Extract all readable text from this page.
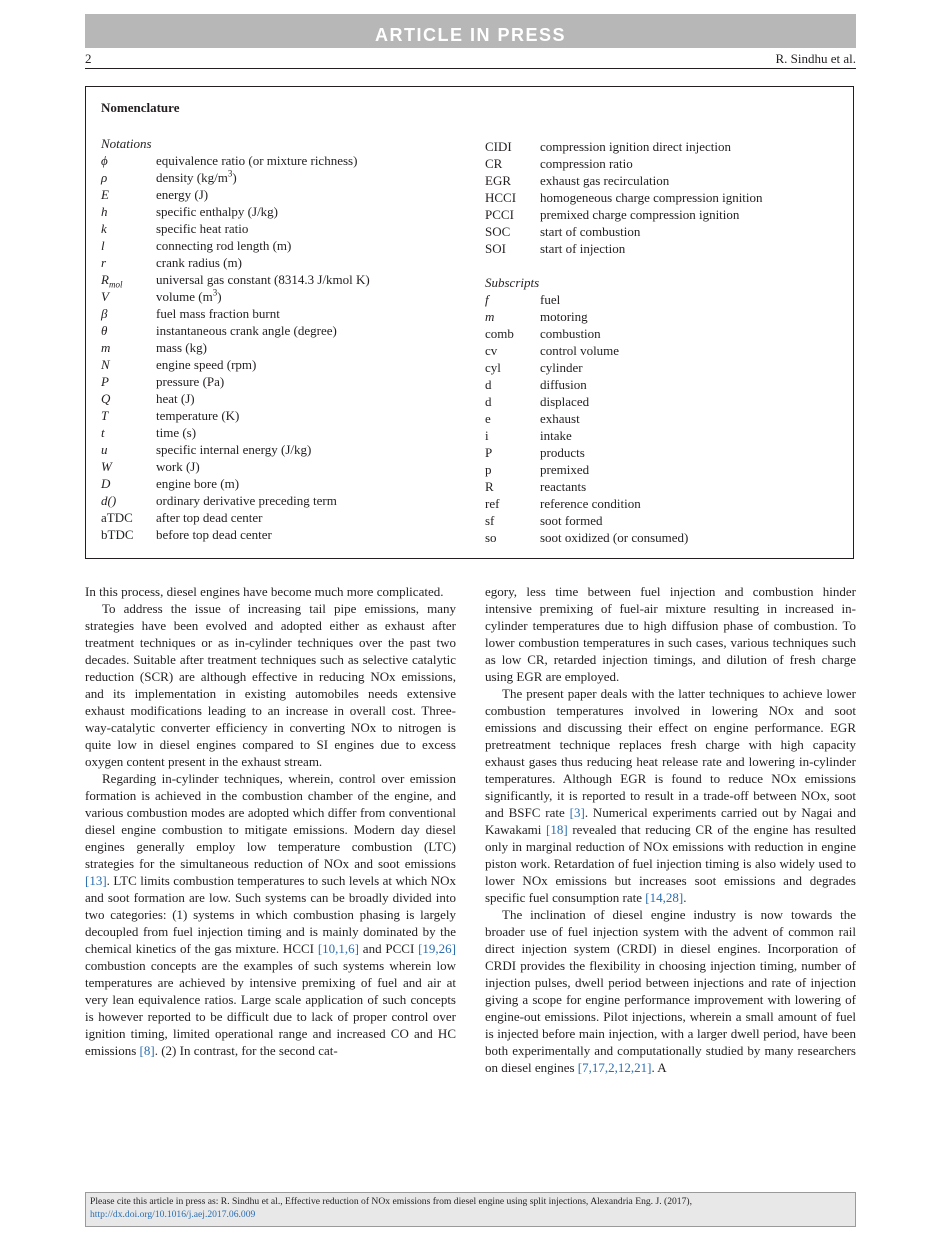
ARTICLE IN PRESS
2	R. Sindhu et al.
Nomenclature
Notations
ϕ	equivalence ratio (or mixture richness)
ρ	density $(kg/m^3)$
E	energy (J)
h	specific enthalpy (J/kg)
k	specific heat ratio
l	connecting rod length (m)
r	crank radius (m)
$R_{mol}$	universal gas constant (8314.3 J/kmol K)
V	volume $(m^3)$
β	fuel mass fraction burnt
θ	instantaneous crank angle (degree)
m	mass (kg)
N	engine speed (rpm)
P	pressure (Pa)
Q	heat (J)
T	temperature (K)
t	time (s)
u	specific internal energy (J/kg)
W	work (J)
D	engine bore (m)
d()	ordinary derivative preceding term
aTDC after top dead center
bTDC before top dead center
CIDI compression ignition direct injection
CR	compression ratio
EGR exhaust gas recirculation
HCCI homogeneous charge compression ignition
PCCI premixed charge compression ignition
SOC start of combustion
SOI	start of injection
Subscripts
f	fuel
m	motoring
comb combustion
cv	control volume
cyl	cylinder
d	diffusion
d	displaced
e	exhaust
i	intake
P	products
p	premixed
R	reactants
ref	reference condition
sf	soot formed
so	soot oxidized (or consumed)

In this process, diesel engines have become much more complicated.

To address the issue of increasing tail pipe emissions, many strategies have been evolved and adopted either as exhaust after treatment techniques or as in-cylinder techniques over the past two decades. Suitable after treatment techniques such as selective catalytic reduction (SCR) are although effective in reducing NOx emissions, and its implementation in existing automobiles needs extensive exhaust modifications leading to an increase in overall cost. Three-way-catalytic converter efficiency in converting NOx to nitrogen is quite low in diesel engines compared to SI engines due to excess oxygen content present in the exhaust stream.

Regarding in-cylinder techniques, wherein, control over emission formation is achieved in the combustion chamber of the engine, and various combustion modes are adopted which differ from conventional diesel engine combustion to mitigate emissions. Modern day diesel engines generally employ low temperature combustion (LTC) strategies for the simultaneous reduction of NOx and soot emissions [13]. LTC limits combustion temperatures to such levels at which NOx and soot formation are low. Such systems can be broadly divided into two categories: (1) systems in which combustion phasing is largely decoupled from fuel injection timing and is mainly dominated by the chemical kinetics of the gas mixture. HCCI [10,1,6] and PCCI [19,26] combustion concepts are the examples of such systems wherein low temperatures are achieved by intensive premixing of fuel and air at very lean equivalence ratios. Large scale application of such concepts is however reported to be difficult due to lack of proper control over ignition timing, limited operational range and increased CO and HC emissions [8]. (2) In contrast, for the second cat-

egory, less time between fuel injection and combustion hinder intensive premixing of fuel-air mixture resulting in increased in-cylinder temperatures due to high diffusion phase of combustion. To lower combustion temperatures in such cases, various techniques such as low CR, retarded injection timings, and dilution of fresh charge using EGR are employed.

The present paper deals with the latter techniques to achieve lower combustion temperatures involved in lowering NOx and soot emissions and discussing their effect on engine performance. EGR pretreatment technique replaces fresh charge with high capacity exhaust gases thus reducing heat release rate and lowering in-cylinder temperatures. Although EGR is found to reduce NOx emissions significantly, it is reported to result in a trade-off between NOx, soot and BSFC rate [3]. Numerical experiments carried out by Nagai and Kawakami [18] revealed that reducing CR of the engine has resulted only in marginal reduction of NOx emissions with reduction in engine piston work. Retardation of fuel injection timing is also widely used to lower NOx emissions but increases soot emissions and degrades specific fuel consumption rate [14,28].

The inclination of diesel engine industry is now towards the broader use of fuel injection system with the advent of common rail direct injection system (CRDI) in diesel engines. Incorporation of CRDI provides the flexibility in choosing injection timing, number of injection pulses, dwell period between injections and rate of injection giving a scope for engine performance improvement with lowering of engine-out emissions. Pilot injections, wherein a small amount of fuel is injected before main injection, with a larger dwell period, have been both experimentally and computationally studied by many researchers on diesel engines [7,17,2,12,21]. A

Please cite this article in press as: R. Sindhu et al., Effective reduction of NOx emissions from diesel engine using split injections, Alexandria Eng. J. (2017), http://dx.doi.org/10.1016/j.aej.2017.06.009
